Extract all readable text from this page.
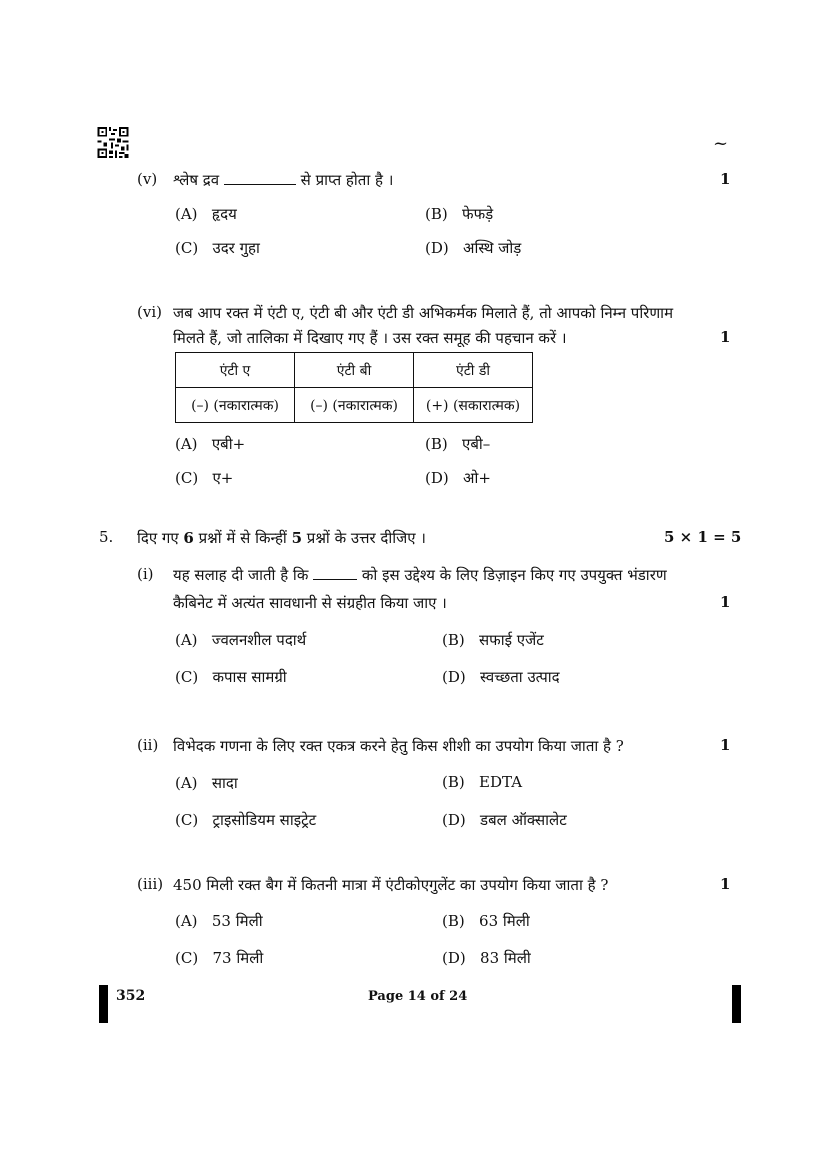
~
(v) श्लेष द्रव	से प्राप्त होता है ।	1
(A) हृदय	(B) फेफड़े
(C) उदर गुहा	(D) अस्थि जोड़
(vi) जब आप रक्त में एंटी ए, एंटी बी और एंटी डी अभिकर्मक मिलाते हैं, तो आपको निम्न परिणाम
मिलते हैं, जो तालिका में दिखाए गए हैं । उस रक्त समूह की पहचान करें ।	1
एंटी ए	एंटी बी	एंटी डी
(–) (नकारात्मक)	(–) (नकारात्मक)	(+) (सकारात्मक)
(A) एबी+	(B) एबी–
(C) ए+	(D) ओ+
5. दिए गए 6 प्रश्नों में से किन्हीं 5 प्रश्नों के उत्तर दीजिए ।	5 × 1 = 5
(i) यह सलाह दी जाती है कि	को इस उद्देश्य के लिए डिज़ाइन किए गए उपयुक्त भंडारण
कैबिनेट में अत्यंत सावधानी से संग्रहीत किया जाए ।	1
(A) ज्वलनशील पदार्थ	(B) सफाई एजेंट
(C) कपास सामग्री	(D) स्वच्छता उत्पाद
(ii) विभेदक गणना के लिए रक्त एकत्र करने हेतु किस शीशी का उपयोग किया जाता है ?	1
(A) सादा	(B) EDTA
(C) ट्राइसोडियम साइट्रेट	(D) डबल ऑक्सालेट
(iii) 450 मिली रक्त बैग में कितनी मात्रा में एंटीकोएगुलेंट का उपयोग किया जाता है ?	1
(A) 53 मिली	(B) 63 मिली
(C) 73 मिली	(D) 83 मिली
352	Page 14 of 24
